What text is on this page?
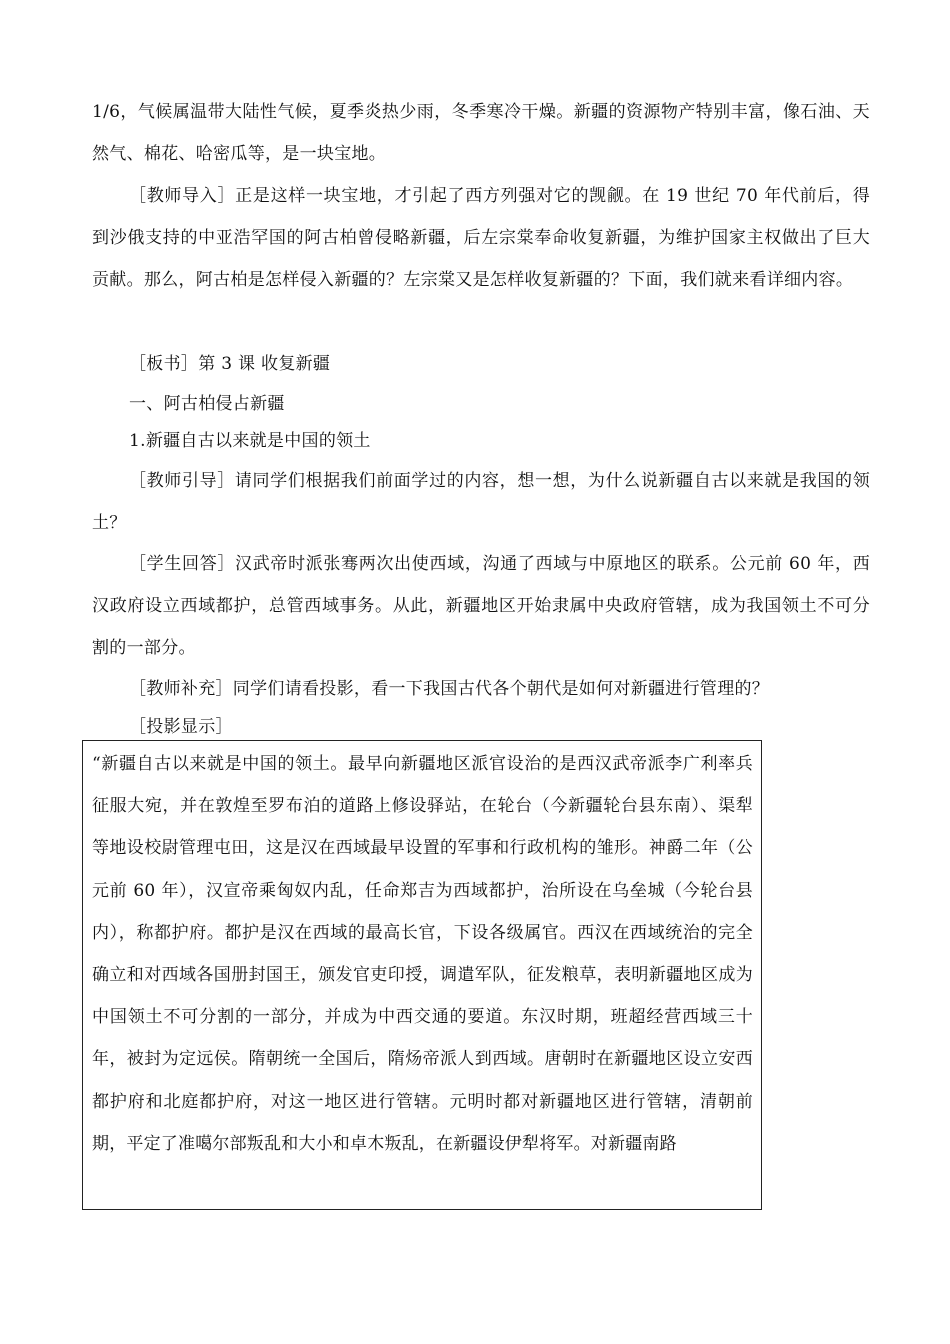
1/6，气候属温带大陆性气候，夏季炎热少雨，冬季寒冷干燥。新疆的资源物产特别丰富，像石油、天然气、棉花、哈密瓜等，是一块宝地。

［教师导入］正是这样一块宝地，才引起了西方列强对它的觊觎。在 19 世纪 70 年代前后，得到沙俄支持的中亚浩罕国的阿古柏曾侵略新疆，后左宗棠奉命收复新疆，为维护国家主权做出了巨大贡献。那么，阿古柏是怎样侵入新疆的？左宗棠又是怎样收复新疆的？下面，我们就来看详细内容。

［板书］第 3 课 收复新疆

一、阿古柏侵占新疆

1.新疆自古以来就是中国的领土

［教师引导］请同学们根据我们前面学过的内容，想一想，为什么说新疆自古以来就是我国的领土？

［学生回答］汉武帝时派张骞两次出使西域，沟通了西域与中原地区的联系。公元前 60 年，西汉政府设立西域都护，总管西域事务。从此，新疆地区开始隶属中央政府管辖，成为我国领土不可分割的一部分。

［教师补充］同学们请看投影，看一下我国古代各个朝代是如何对新疆进行管理的？

［投影显示］

“新疆自古以来就是中国的领土。最早向新疆地区派官设治的是西汉武帝派李广利率兵征服大宛，并在敦煌至罗布泊的道路上修设驿站，在轮台（今新疆轮台县东南）、渠犁等地设校尉管理屯田，这是汉在西域最早设置的军事和行政机构的雏形。神爵二年（公元前 60 年），汉宣帝乘匈奴内乱，任命郑吉为西域都护，治所设在乌垒城（今轮台县内），称都护府。都护是汉在西域的最高长官，下设各级属官。西汉在西域统治的完全确立和对西域各国册封国王，颁发官吏印授，调遣军队，征发粮草，表明新疆地区成为中国领土不可分割的一部分，并成为中西交通的要道。东汉时期，班超经营西域三十年，被封为定远侯。隋朝统一全国后，隋炀帝派人到西域。唐朝时在新疆地区设立安西都护府和北庭都护府，对这一地区进行管辖。元明时都对新疆地区进行管辖，清朝前期，平定了准噶尔部叛乱和大小和卓木叛乱，在新疆设伊犁将军。对新疆南路
